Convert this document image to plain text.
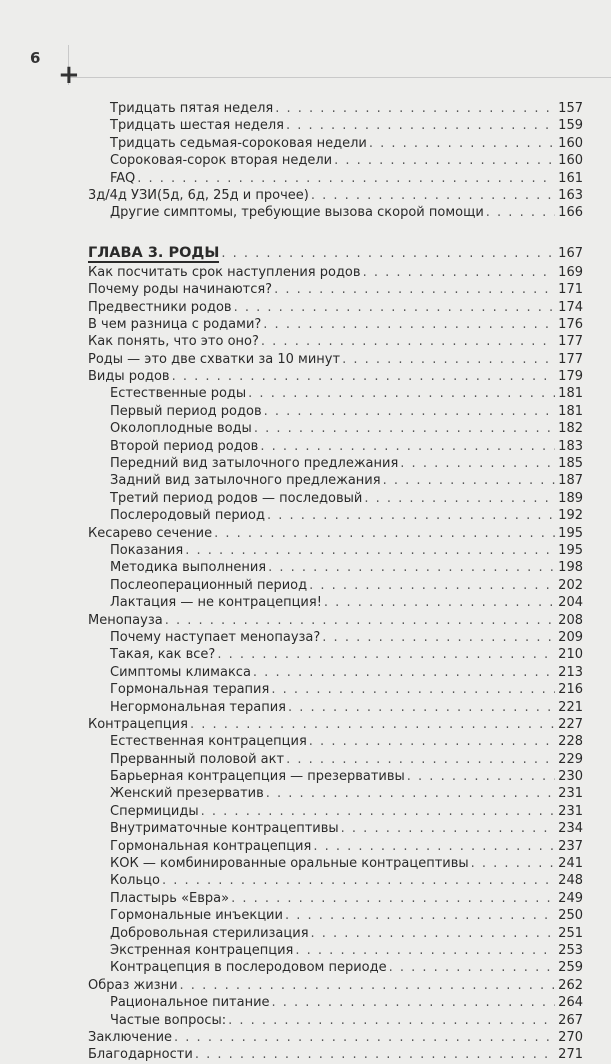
6
+
Тридцать пятая неделя . . .	157
Тридцать шестая неделя . . .	159
Тридцать седьмая-сороковая недели . . .	160
Сороковая-сорок вторая недели . . .	160
FAQ . . .	161
3д/4д УЗИ(5д, 6д, 25д и прочее) . . .	163
Другие симптомы, требующие вызова скорой помощи . . .	166
ГЛАВА 3. РОДЫ . . .	167
Как посчитать срок наступления родов . . .	169
Почему роды начинаются? . . .	171
Предвестники родов . . .	174
В чем разница с родами? . . .	176
Как понять, что это оно? . . .	177
Роды — это две схватки за 10 минут . . .	177
Виды родов . . .	179
Естественные роды . . .	181
Первый период родов . . .	181
Околоплодные воды . . .	182
Второй период родов . . .	183
Передний вид затылочного предлежания . . .	185
Задний вид затылочного предлежания . . .	187
Третий период родов — последовый . . .	189
Послеродовый период . . .	192
Кесарево сечение . . .	195
Показания . . .	195
Методика выполнения . . .	198
Послеоперационный период . . .	202
Лактация — не контрацепция! . . .	204
Менопауза . . .	208
Почему наступает менопауза? . . .	209
Такая, как все? . . .	210
Симптомы климакса . . .	213
Гормональная терапия . . .	216
Негормональная терапия . . .	221
Контрацепция . . .	227
Естественная контрацепция . . .	228
Прерванный половой акт . . .	229
Барьерная контрацепция — презервативы . . .	230
Женский презерватив . . .	231
Спермициды . . .	231
Внутриматочные контрацептивы . . .	234
Гормональная контрацепция . . .	237
КОК — комбинированные оральные контрацептивы . . .	241
Кольцо . . .	248
Пластырь «Евра» . . .	249
Гормональные инъекции . . .	250
Добровольная стерилизация . . .	251
Экстренная контрацепция . . .	253
Контрацепция в послеродовом периоде . . .	259
Образ жизни . . .	262
Рациональное питание . . .	264
Частые вопросы: . . .	267
Заключение . . .	270
Благодарности . . .	271
